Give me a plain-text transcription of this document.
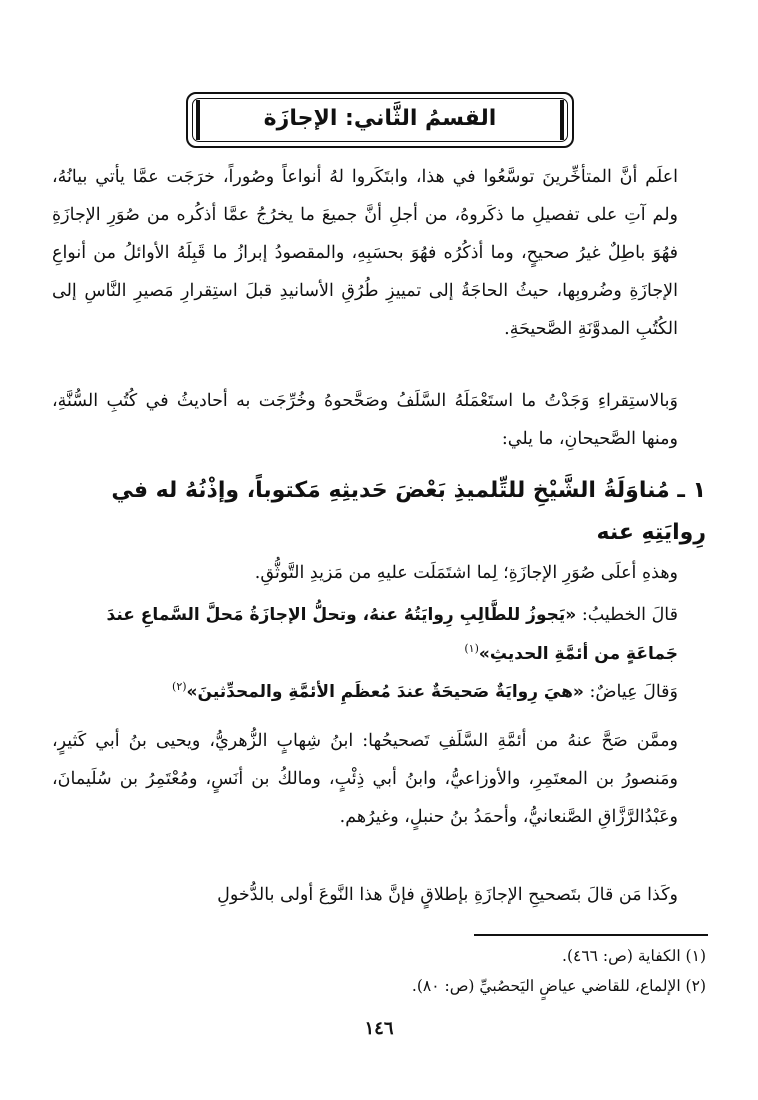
القسمُ الثَّاني: الإجازَة
اعلَم أنَّ المتأخِّرينَ توسَّعُوا في هذا، وابتَكَروا لهُ أنواعاً وصُوراً، خرَجَت عمَّا يأتي بيانُهُ، ولم آتِ على تفصيلِ ما ذكَروهُ، من أجلِ أنَّ جميعَ ما يخرُجُ عمَّا أذكُره من صُوَرِ الإجازَةِ فهُوَ باطِلٌ غيرُ صحيحٍ، وما أذكُرُه فهُوَ بحسَبِهِ، والمقصودُ إبرازُ ما قَبِلَهُ الأوائلُ من أنواعِ الإجازَةِ وضُروبِها، حيثُ الحاجَةُ إلى تمييزِ طُرُقِ الأسانيدِ قبلَ استِقرارِ مَصيرِ النَّاسِ إلى الكُتُبِ المدوَّنَةِ الصَّحيحَةِ.
وَبالاستِقراءِ وَجَدْتُ ما استَعْمَلَهُ السَّلَفُ وصَحَّحوهُ وخُرِّجَت به أحاديثُ في كُتُبِ السُّنَّةِ، ومنها الصَّحيحانِ، ما يلي:
١ ـ مُناوَلَةُ الشَّيْخِ للتِّلميذِ بَعْضَ حَديثِهِ مَكتوباً، وإذْنُهُ له في رِوايَتِهِ عنه
وهذهِ أعلَى صُوَرِ الإجازَةِ؛ لِما اشتَمَلَت عليهِ من مَزيدِ التَّوثُّقِ.
قالَ الخطيبُ: «يَجوزُ للطَّالِبِ رِوايَتُهُ عنهُ، وتحلُّ الإجازَةُ مَحلَّ السَّماعِ عندَ جَماعَةٍ من أئمَّةِ الحديثِ»$^{(١)}$
وَقالَ عِياضٌ: «هيَ رِوايَةٌ صَحيحَةٌ عندَ مُعظَمِ الأئمَّةِ والمحدِّثينَ»$^{(٢)}$
وممَّن صَحَّ عنهُ من أئمَّةِ السَّلَفِ تَصحيحُها: ابنُ شِهابٍ الزُّهريُّ، ويحيى بنُ أبي كَثيرٍ، ومَنصورُ بن المعتَمِرِ، والأوزاعيُّ، وابنُ أبي ذِئْبٍ، ومالكُ بن أنَسٍ، ومُعْتَمِرُ بن سُلَيمانَ، وعَبْدُالرَّزَّاقِ الصَّنعانيُّ، وأحمَدُ بنُ حنبلٍ، وغيرُهم.
وكَذا مَن قالَ بتَصحيحِ الإجازَةِ بإطلاقٍ فإنَّ هذا النَّوعَ أولى بالدُّخولِ
(١) الكفاية (ص: ٤٦٦).
(٢) الإلماع، للقاضي عياضٍ اليَحصُبيِّ (ص: ٨٠).
١٤٦
